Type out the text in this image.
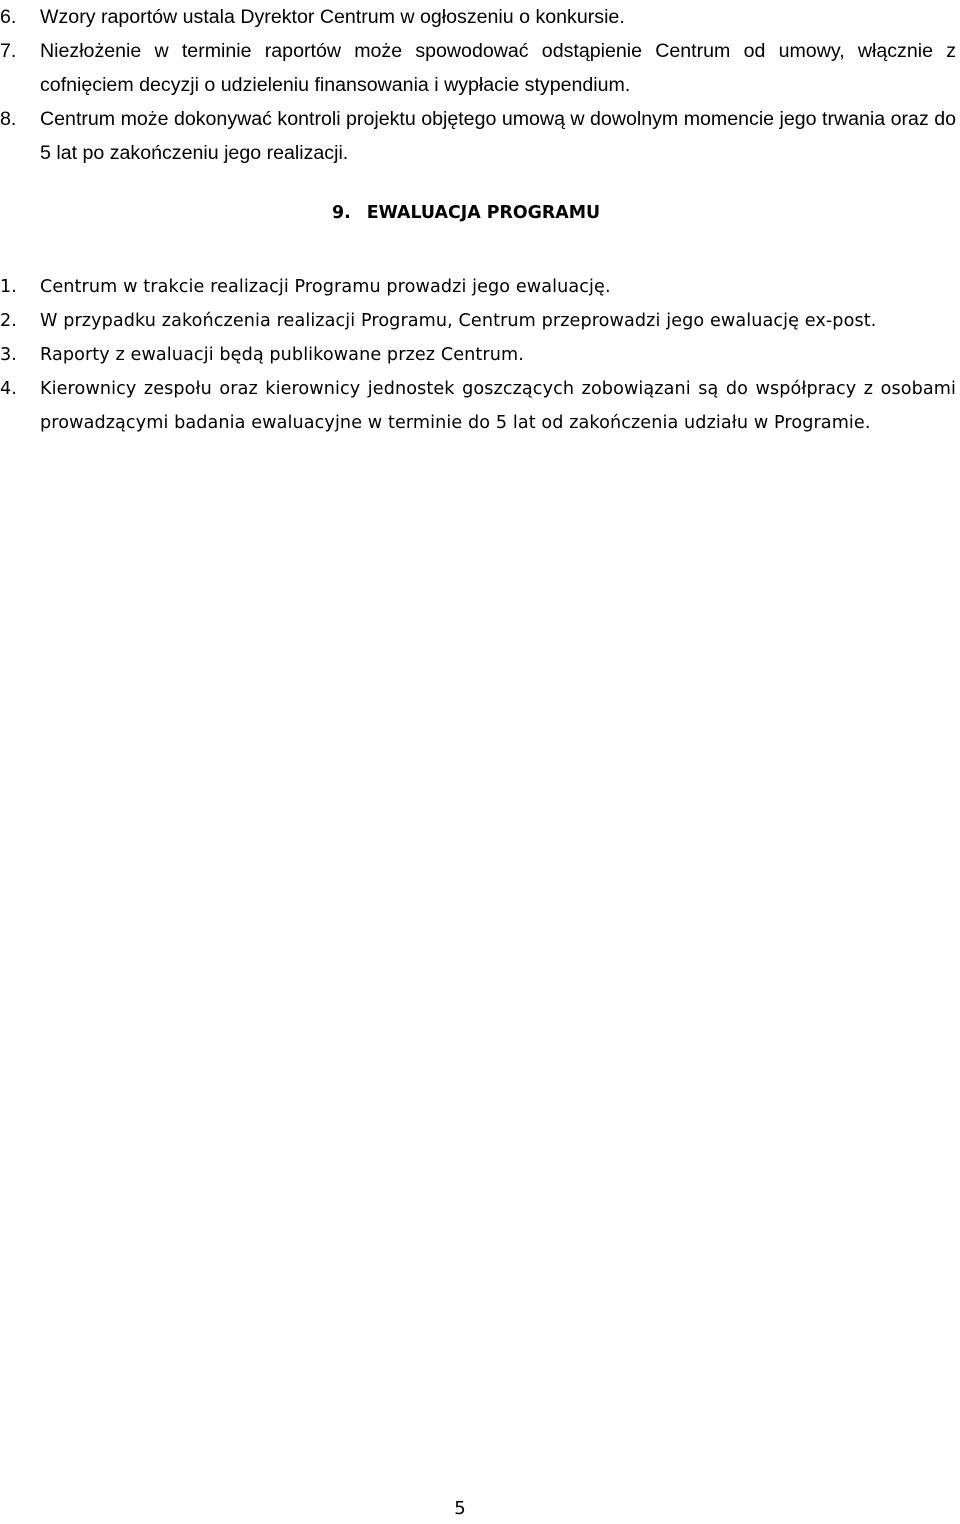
6. Wzory raportów ustala Dyrektor Centrum w ogłoszeniu o konkursie.
7. Niezłożenie w terminie raportów może spowodować odstąpienie Centrum od umowy, włącznie z cofnięciem decyzji o udzieleniu finansowania i wypłacie stypendium.
8. Centrum może dokonywać kontroli projektu objętego umową w dowolnym momencie jego trwania oraz do 5 lat po zakończeniu jego realizacji.
9. EWALUACJA PROGRAMU
1. Centrum w trakcie realizacji Programu prowadzi jego ewaluację.
2. W przypadku zakończenia realizacji Programu, Centrum przeprowadzi jego ewaluację ex-post.
3. Raporty z ewaluacji będą publikowane przez Centrum.
4. Kierownicy zespołu oraz kierownicy jednostek goszczących zobowiązani są do współpracy z osobami prowadzącymi badania ewaluacyjne w terminie do 5 lat od zakończenia udziału w Programie.
5
